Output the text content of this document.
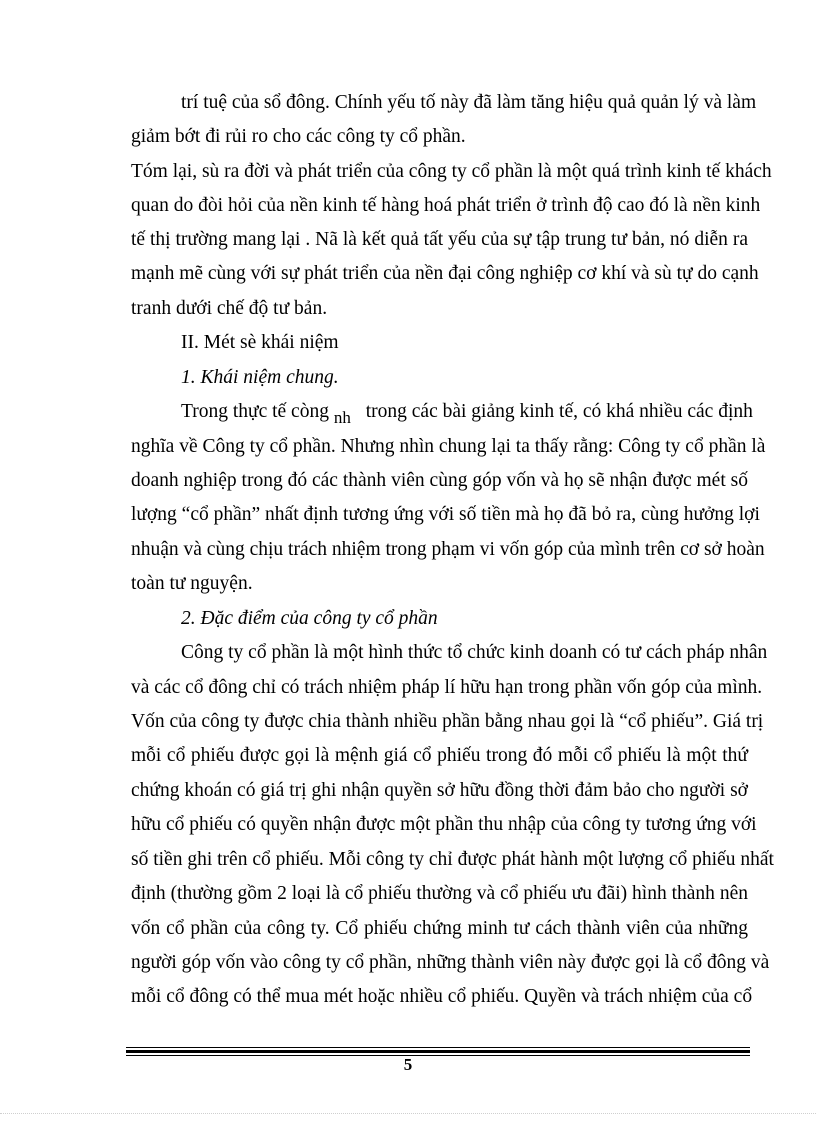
trí tuệ của sổ đông. Chính yếu tố này đã làm tăng hiệu quả quản lý và làm
giảm bớt đi rủi ro cho các công ty cổ phần.
Tóm lại, sù ra đời và phát triển của công ty cổ phần là một quá trình kinh tế khách
quan do đòi hỏi của nền kinh tế hàng hoá phát triển ở trình độ cao đó là nền kinh
tế thị trường mang lại . Nã là kết quả tất yếu của sự tập trung tư bản, nó diễn ra
mạnh mẽ cùng với sự phát triển của nền đại công nghiệp cơ khí và sù tự do cạnh
tranh dưới chế độ tư bản.
II. Mét sè khái niệm
1. Khái niệm chung.
Trong thực tế còng nh trong các bài giảng kinh tế, có khá nhiều các định
nghĩa về Công ty cổ phần. Nhưng nhìn chung lại ta thấy rằng: Công ty cổ phần là
doanh nghiệp trong đó các thành viên cùng góp vốn và họ sẽ nhận được mét số
lượng “cổ phần” nhất định tương ứng với số tiền mà họ đã bỏ ra, cùng hưởng lợi
nhuận và cùng chịu trách nhiệm trong phạm vi vốn góp của mình trên cơ sở hoàn
toàn tư nguyện.
2. Đặc điểm của công ty cổ phần
Công ty cổ phần là một hình thức tổ chức kinh doanh có tư cách pháp nhân
và các cổ đông chỉ có trách nhiệm pháp lí hữu hạn trong phần vốn góp của mình.
Vốn của công ty được chia thành nhiều phần bằng nhau gọi là “cổ phiếu”. Giá trị
mỗi cổ phiếu được gọi là mệnh giá cổ phiếu trong đó mỗi cổ phiếu là một thứ
chứng khoán có giá trị ghi nhận quyền sở hữu đồng thời đảm bảo cho người sở
hữu cổ phiếu có quyền nhận được một phần thu nhập của công ty tương ứng với
số tiền ghi trên cổ phiếu. Mỗi công ty chỉ được phát hành một lượng cổ phiếu nhất
định (thường gồm 2 loại là cổ phiếu thường và cổ phiếu ưu đãi) hình thành nên
vốn cổ phần của công ty. Cổ phiếu chứng minh tư cách thành viên của những
người góp vốn vào công ty cổ phần, những thành viên này được gọi là cổ đông và
mỗi cổ đông có thể mua mét hoặc nhiều cổ phiếu. Quyền và trách nhiệm của cổ
5
